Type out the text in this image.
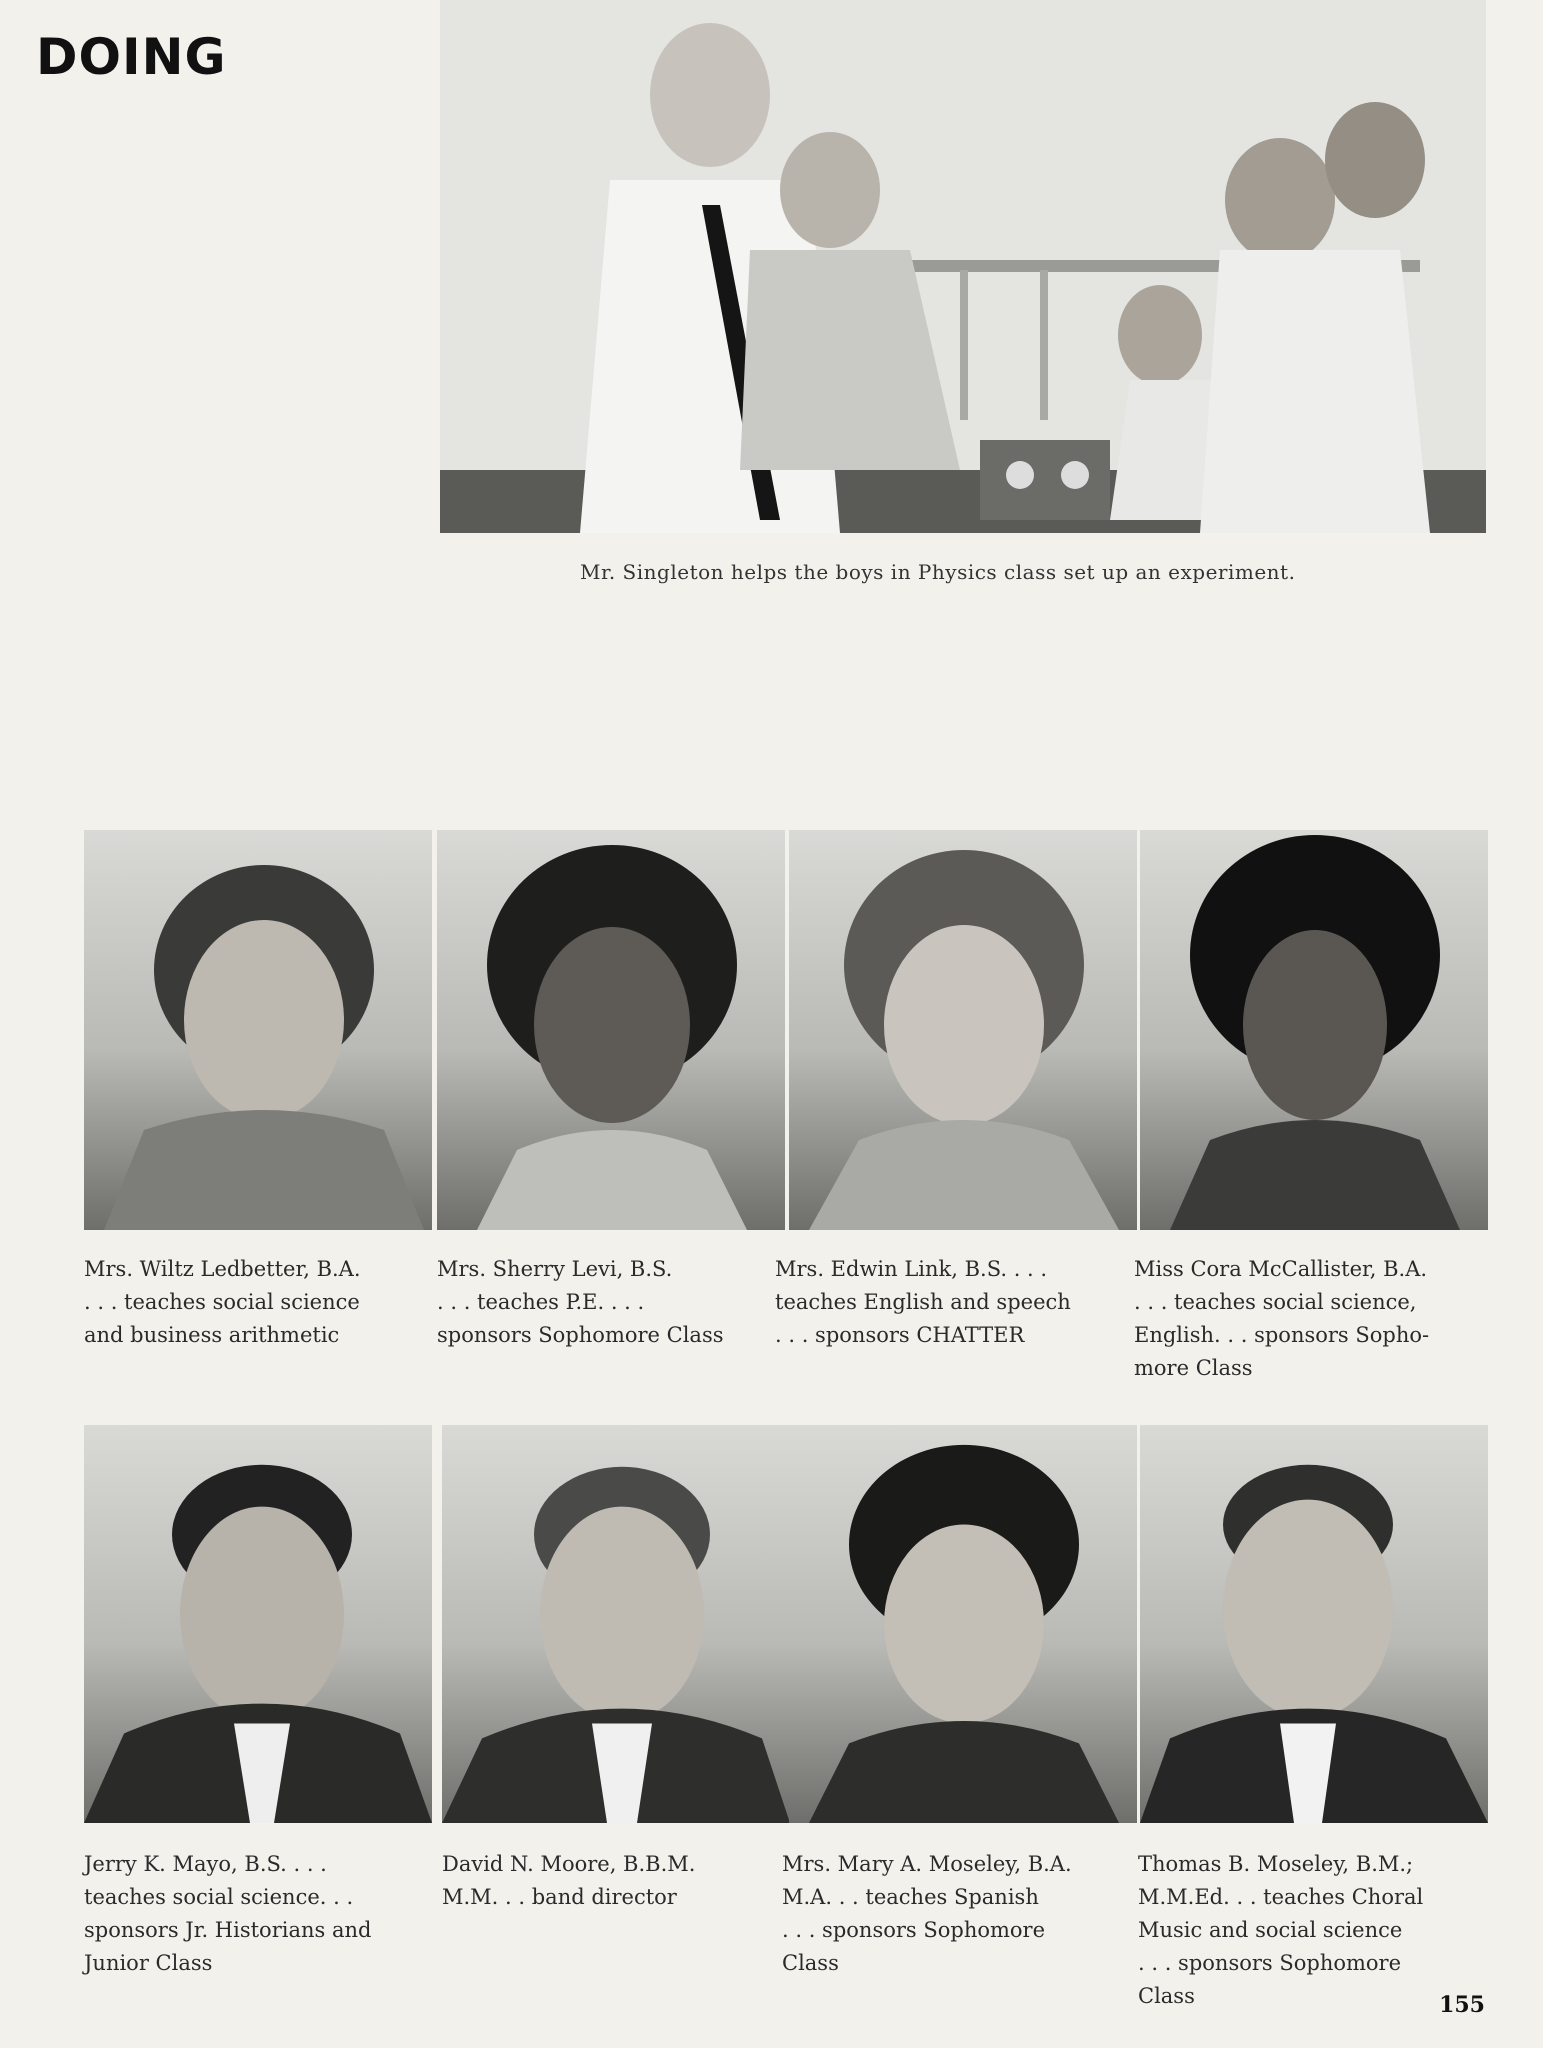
DOING
Mr. Singleton helps the boys in Physics class set up an experiment.
Mrs. Wiltz Ledbetter, B.A.
. . . teaches social science
and business arithmetic
Mrs. Sherry Levi, B.S.
. . . teaches P.E. . . .
sponsors Sophomore Class
Mrs. Edwin Link, B.S. . . .
teaches English and speech
. . . sponsors CHATTER
Miss Cora McCallister, B.A.
. . . teaches social science,
English. . . sponsors Sopho-
more Class
Jerry K. Mayo, B.S. . . .
teaches social science. . .
sponsors Jr. Historians and
Junior Class
David N. Moore, B.B.M.
M.M. . . band director
Mrs. Mary A. Moseley, B.A.
M.A. . . teaches Spanish
. . . sponsors Sophomore
Class
Thomas B. Moseley, B.M.;
M.M.Ed. . . teaches Choral
Music and social science
. . . sponsors Sophomore
Class	155
